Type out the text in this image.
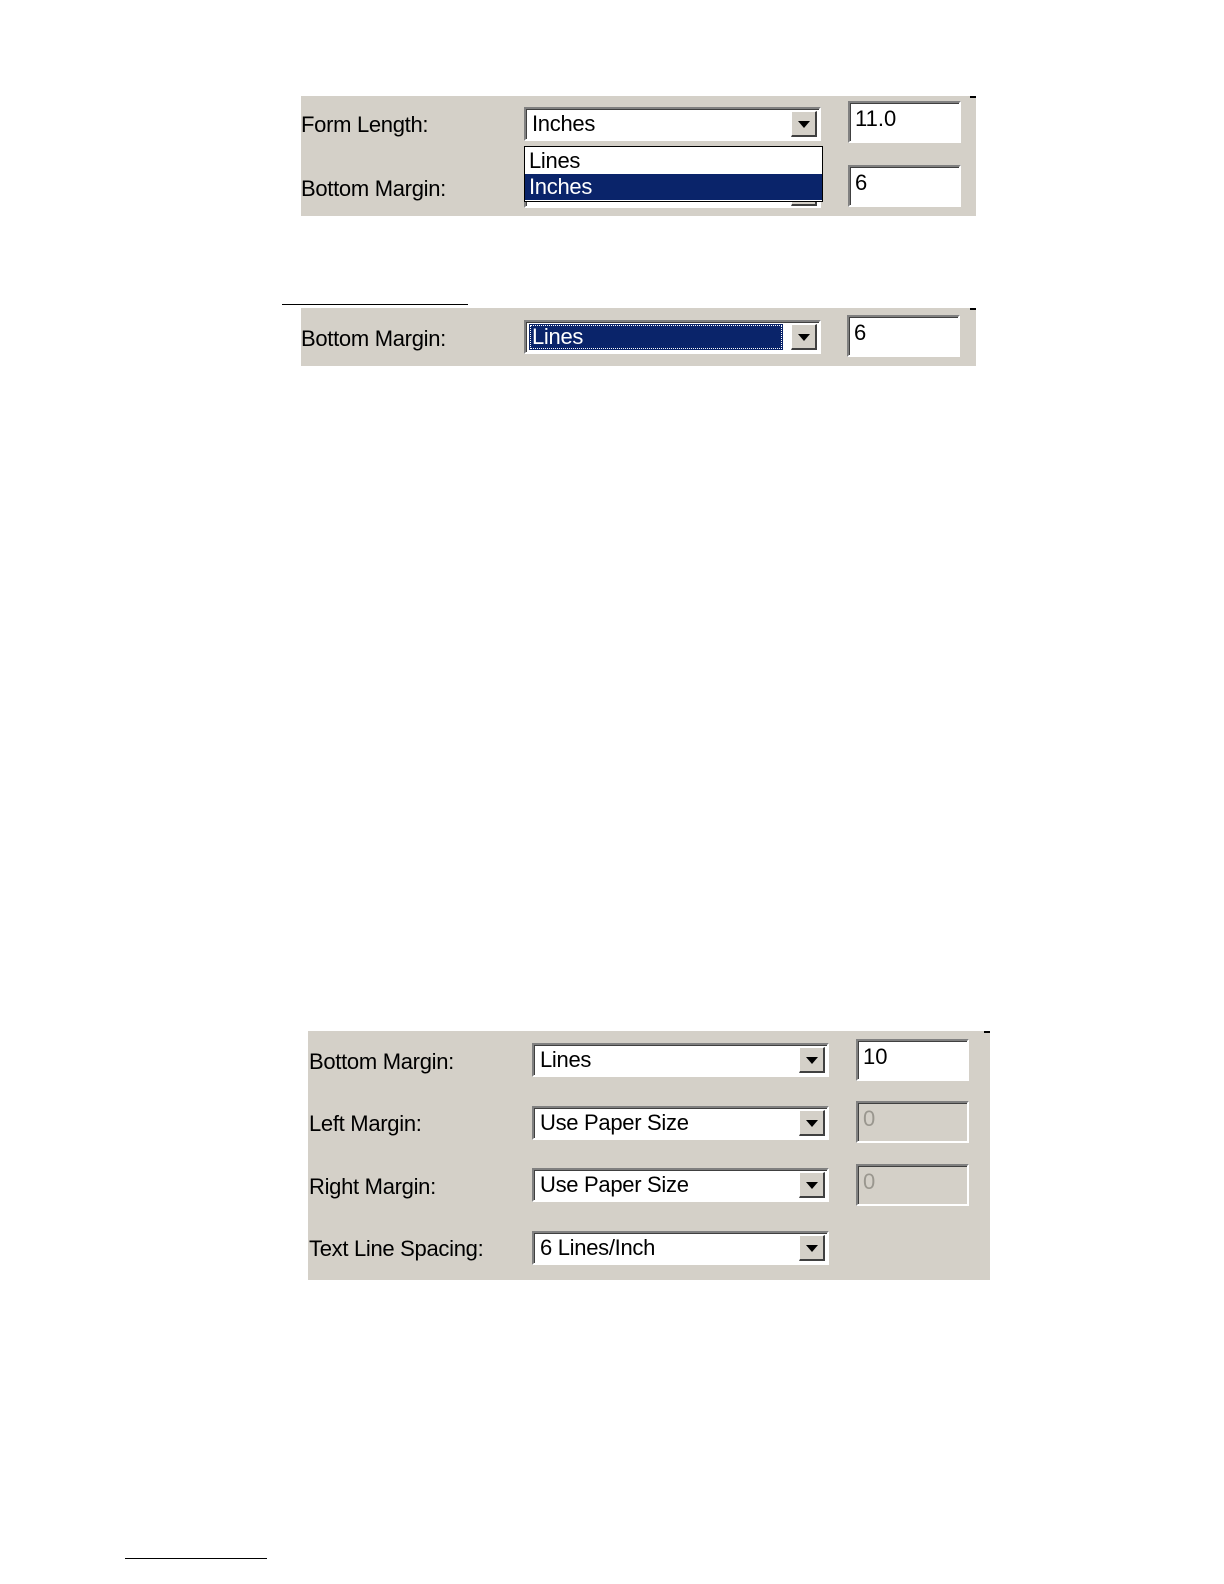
Form Length:	Inches	11.0
Bottom Margin:	6
Lines
Inches
Bottom Margin:	Lines	6
Bottom Margin:	Lines	10
Left Margin:	Use Paper Size	0
Right Margin:	Use Paper Size	0
Text Line Spacing:	6 Lines/Inch
